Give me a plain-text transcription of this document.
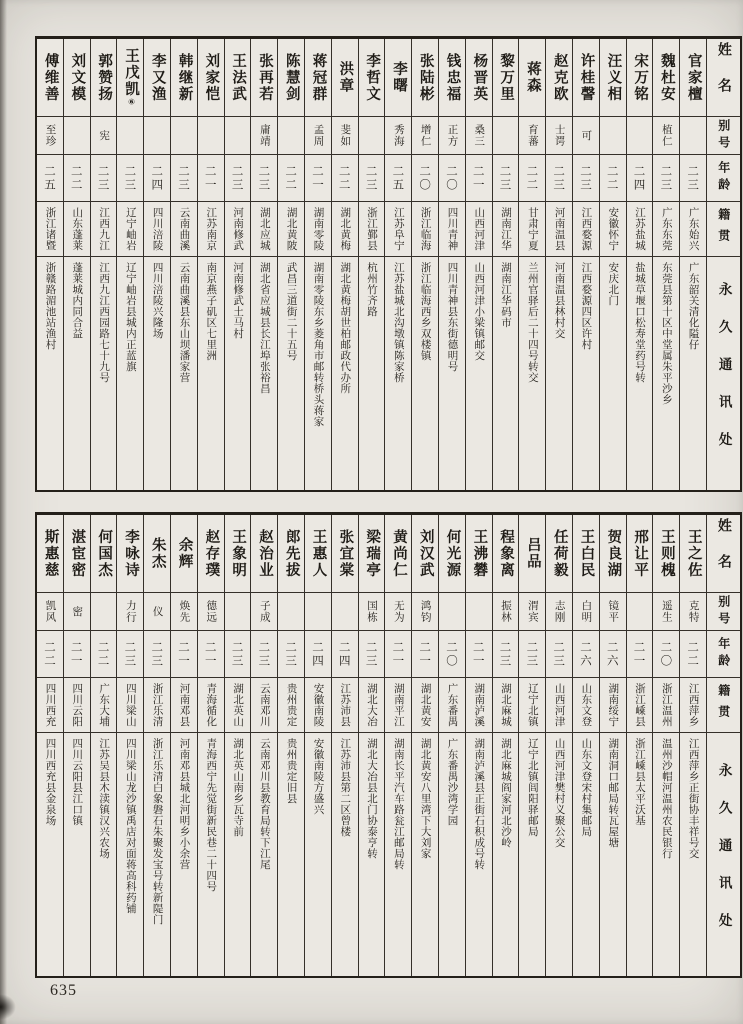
姓名
别号
年龄
籍贯
永久通讯处
官家檀
二三
广东始兴
广东韶关清化隘仔
魏杜安
植仁
二三
广东东莞
东莞县第十区中堂属朱平沙乡
宋万铭
二四
江苏盐城
盐城草堰口松寿堂药号转
汪义相
二二
安徽怀宁
安庆北门
许桂謦
可
二三
江西婺源
江西婺源四区许村
赵克欧
士谔
二三
河南温县
河南温县林村交
蒋森
育蕃
二二
甘肃宁夏
兰州官驿后二十四号转交
黎万里
二三
湖南江华
湖南江华码市
杨晋英
桑三
二一
山西河津
山西河津小梁镇邮交
钱忠福
正方
二〇
四川青神
四川青神县东街德明号
张陆彬
增仁
二〇
浙江临海
浙江临海西乡双楼镇
李曙
秀海
二五
江苏阜宁
江苏盐城北沟墩镇陈家桥
李哲文
二三
浙江鄞县
杭州竹齐路
洪章
斐如
二二
湖北黄梅
湖北黄梅胡世柏邮政代办所
蒋冠群
孟周
二一
湖南零陵
湖南零陵东乡菱角市邮转桥头蒋家
陈慧剑
二二
湖北黄陂
武昌三道街二十五号
张再若
庸靖
二三
湖北应城
湖北省应城县长江埠张裕昌
王法武
二三
河南修武
河南修武土马村
刘家恺
二一
江苏南京
南京燕子矶区七里洲
韩继新
二三
云南曲溪
云南曲溪县东山坝潘家营
李又渔
二四
四川涪陵
四川涪陵兴隆场
王戊凯⑥
二三
辽宁岫岩
辽宁岫岩县城内正蓝旗
郭赞扬
宪
二三
江西九江
江西九江西园路七十九号
刘文模
二二
山东蓬莱
蓬莱城内同合益
傅维善
至珍
二五
浙江诸暨
浙赣路湄池站渔村
姓名
别号
年龄
籍贯
永久通讯处
王之佐
克特
二二
江西萍乡
江西萍乡正街协丰祥号交
王则槐
遥生
二〇
浙江温州
温州沙帽河温州农民银行
邢让平
二一
浙江嵊县
浙江嵊县太平沃基
贺良湖
镜平
二六
湖南绥宁
湖南洞口邮局转瓦屋塘
王白民
白明
二六
山东文登
山东文登宋村集邮局
任荷毅
志刚
二三
山西河津
山西河津樊村义聚公交
吕品
渭宾
二三
辽宁北镇
辽宁北镇闾阳驿邮局
程象离
振林
二三
湖北麻城
湖北麻城阎家河北沙岭
王沸礬
二一
湖南泸溪
湖南泸溪县正街石积成号转
何光源
二〇
广东番禺
广东番禺沙湾学园
刘汉武
鸿钧
二一
湖北黄安
湖北黄安八里湾下大刘家
黄尚仁
无为
二一
湖南平江
湖南长平汽车路瓮江邮局转
梁瑞亭
国栋
二三
湖北大冶
湖北大冶县北门协泰亨转
张宜棠
二四
江苏沛县
江苏沛县第二区曾楼
王惠人
二四
安徽南陵
安徽南陵方盛兴
郎先拔
二三
贵州贵定
贵州贵定旧县
赵治业
子成
二三
云南邓川
云南邓川县教育局转下江尾
王象明
二三
湖北英山
湖北英山南乡瓦寺前
赵存璞
德远
二一
青海循化
青海西宁先觉街新民巷二十四号
余辉
焕先
二一
河南邓县
河南邓县城北河明乡小余营
朱杰
仪
二三
浙江乐清
浙江乐清白象磐石朱聚发宝号转新隄门
李咏诗
力行
二三
四川梁山
四川梁山龙沙镇禹店对面蒋高科药铺
何国杰
二二
广东大埔
江苏吴县木渎镇汉兴农场
湛宦密
密
二一
四川云阳
四川云阳县江口镇
斯惠慈
凯风
二二
四川西充
四川西充县金泉场
635
